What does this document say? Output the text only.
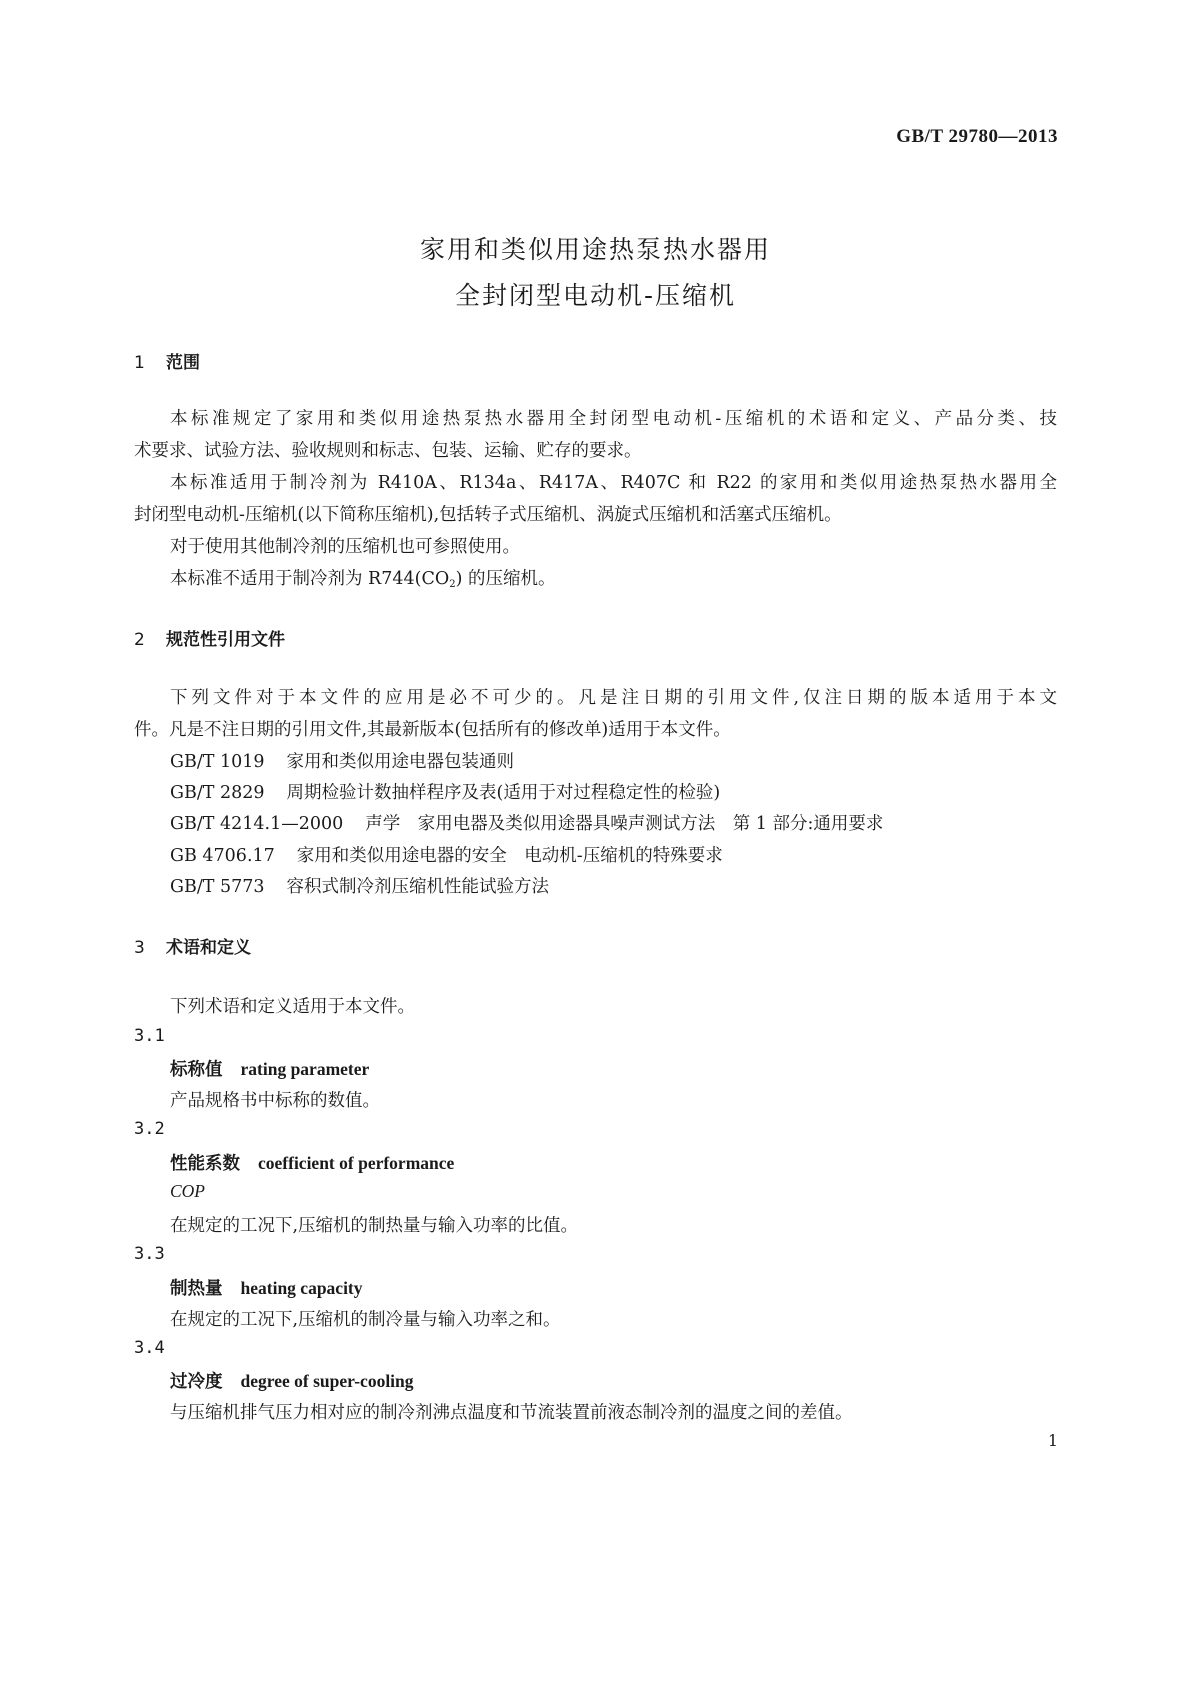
GB/T 29780—2013
家用和类似用途热泵热水器用
全封闭型电动机-压缩机
1 范围
本标准规定了家用和类似用途热泵热水器用全封闭型电动机-压缩机的术语和定义、产品分类、技
术要求、试验方法、验收规则和标志、包装、运输、贮存的要求。
本标准适用于制冷剂为 R410A、R134a、R417A、R407C 和 R22 的家用和类似用途热泵热水器用全
封闭型电动机-压缩机(以下简称压缩机),包括转子式压缩机、涡旋式压缩机和活塞式压缩机。
对于使用其他制冷剂的压缩机也可参照使用。
本标准不适用于制冷剂为 $R744(CO_2)$ 的压缩机。
2 规范性引用文件
下列文件对于本文件的应用是必不可少的。凡是注日期的引用文件,仅注日期的版本适用于本文
件。凡是不注日期的引用文件,其最新版本(包括所有的修改单)适用于本文件。
GB/T 1019 家用和类似用途电器包装通则
GB/T 2829 周期检验计数抽样程序及表(适用于对过程稳定性的检验)
GB/T 4214.1—2000 声学　家用电器及类似用途器具噪声测试方法　第 1 部分:通用要求
GB 4706.17 家用和类似用途电器的安全　电动机-压缩机的特殊要求
GB/T 5773 容积式制冷剂压缩机性能试验方法
3 术语和定义
下列术语和定义适用于本文件。
3.1
标称值 rating parameter
产品规格书中标称的数值。
3.2
性能系数 coefficient of performance
COP
在规定的工况下,压缩机的制热量与输入功率的比值。
3.3
制热量 heating capacity
在规定的工况下,压缩机的制冷量与输入功率之和。
3.4
过冷度 degree of super-cooling
与压缩机排气压力相对应的制冷剂沸点温度和节流装置前液态制冷剂的温度之间的差值。
1
